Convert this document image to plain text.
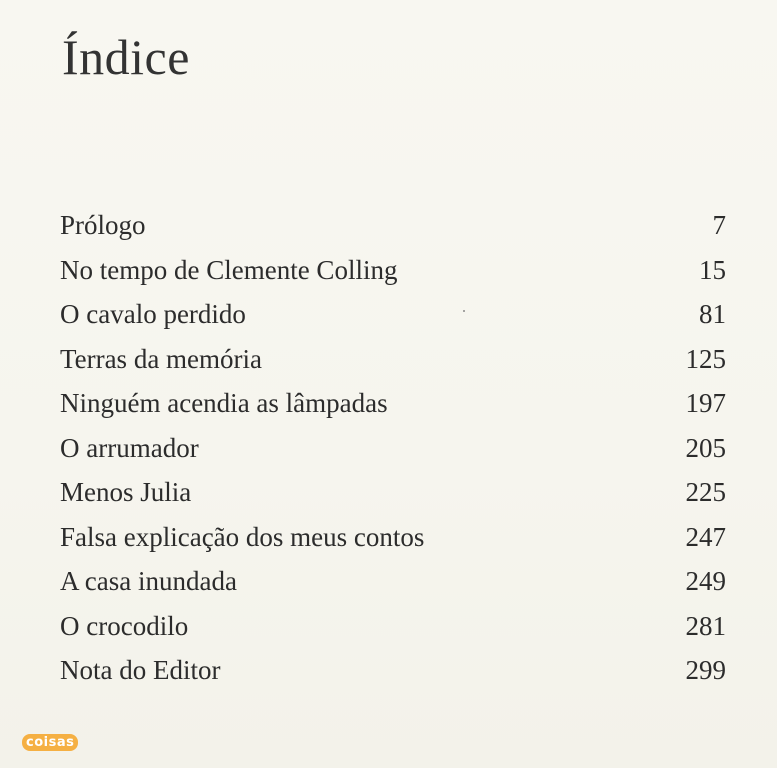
Índice
Prólogo	7
No tempo de Clemente Colling	15
O cavalo perdido	81
Terras da memória	125
Ninguém acendia as lâmpadas	197
O arrumador	205
Menos Julia	225
Falsa explicação dos meus contos	247
A casa inundada	249
O crocodilo	281
Nota do Editor	299
coisas
